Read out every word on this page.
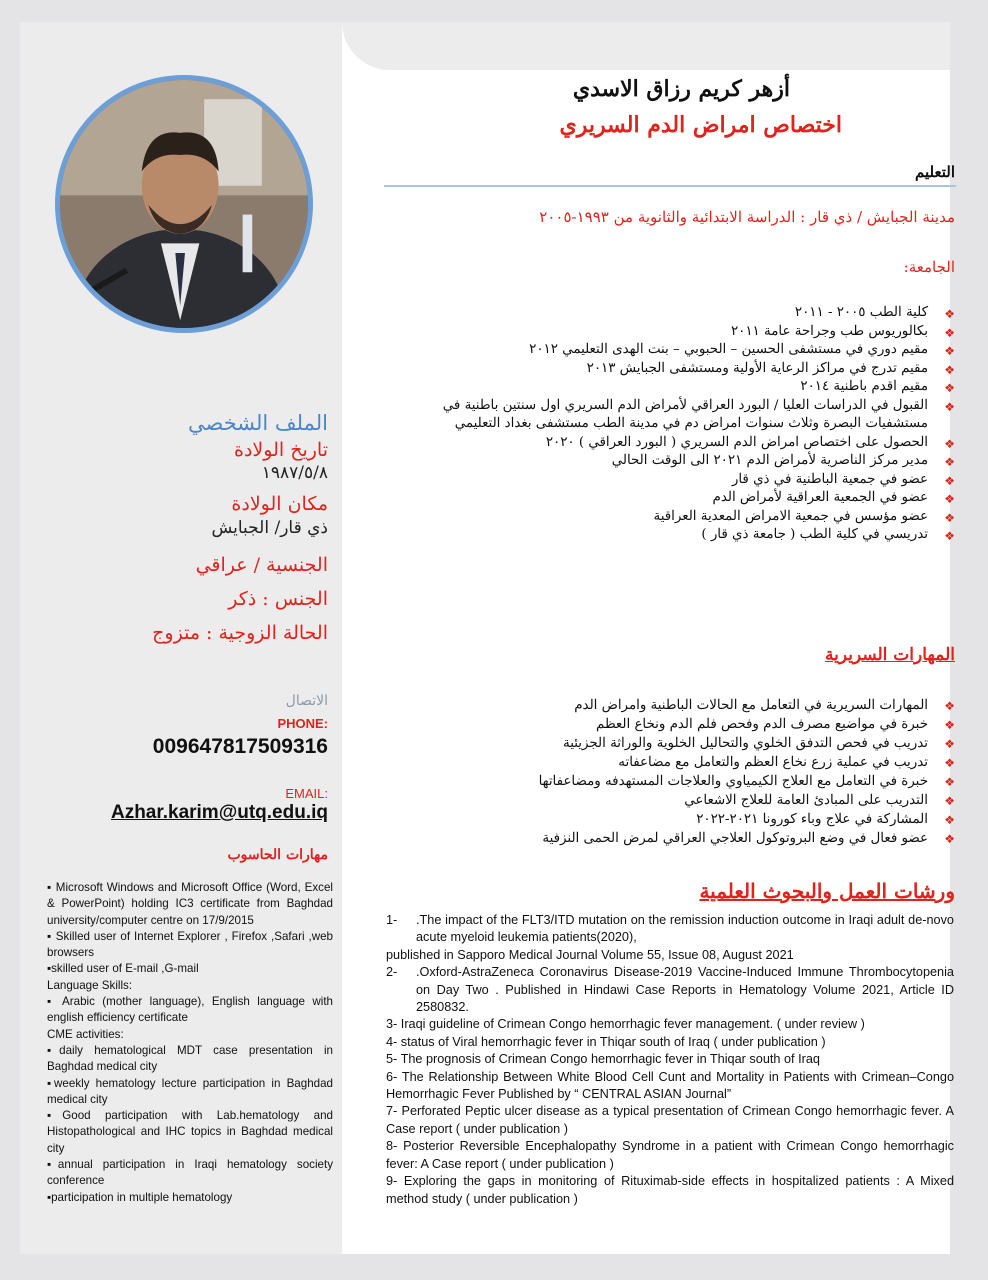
أزهر كريم رزاق الاسدي
اختصاص امراض الدم السريري
التعليم
مدينة الجبايش / ذي قار : الدراسة الابتدائية والثانوية من ١٩٩٣-٢٠٠٥
الجامعة:
❖ كلية الطب ٢٠٠٥ - ٢٠١١
❖ بكالوريوس طب وجراحة عامة ٢٠١١
❖ مقيم دوري في مستشفى الحسين – الحبوبي – بنت الهدى التعليمي ٢٠١٢
❖ مقيم تدرج في مراكز الرعاية الأولية ومستشفى الجبايش ٢٠١٣
❖ مقيم اقدم باطنية ٢٠١٤
❖ القبول في الدراسات العليا / البورد العراقي لأمراض الدم السريري اول سنتين باطنية في مستشفيات البصرة وثلاث سنوات امراض دم في مدينة الطب مستشفى بغداد التعليمي
❖ الحصول على اختصاص امراض الدم السريري ( البورد العراقي ) ٢٠٢٠
❖ مدير مركز الناصرية لأمراض الدم ٢٠٢١ الى الوقت الحالي
❖ عضو في جمعية الباطنية في ذي قار
❖ عضو في الجمعية العراقية لأمراض الدم
❖ عضو مؤسس في جمعية الامراض المعدية العراقية
❖ تدريسي في كلية الطب ( جامعة ذي قار )
المهارات السريرية
❖ المهارات السريرية في التعامل مع الحالات الباطنية وامراض الدم
❖ خبرة في مواضيع مصرف الدم وفحص فلم الدم ونخاع العظم
❖ تدريب في فحص التدفق الخلوي والتحاليل الخلوية والوراثة الجزيئية
❖ تدريب في عملية زرع نخاع العظم والتعامل مع مضاعفاته
❖ خبرة في التعامل مع العلاج الكيمياوي والعلاجات المستهدفه ومضاعفاتها
❖ التدريب على المبادئ العامة للعلاج الاشعاعي
❖ المشاركة في علاج وباء كورونا ٢٠٢١-٢٠٢٢
❖ عضو فعال في وضع البروتوكول العلاجي العراقي لمرض الحمى النزفية
ورشات العمل والبحوث العلمية
1- .The impact of the FLT3/ITD mutation on the remission induction outcome in Iraqi adult de-novo acute myeloid leukemia patients(2020),
published in Sapporo Medical Journal Volume 55, Issue 08, August 2021
2- .Oxford-AstraZeneca Coronavirus Disease-2019 Vaccine-Induced Immune Thrombocytopenia on Day Two . Published in Hindawi Case Reports in Hematology Volume 2021, Article ID 2580832.
3- Iraqi guideline of Crimean Congo hemorrhagic fever management. ( under review )
4- status of Viral hemorrhagic fever in Thiqar south of Iraq ( under publication )
5- The prognosis of Crimean Congo hemorrhagic fever in Thiqar south of Iraq
6- The Relationship Between White Blood Cell Cunt and Mortality in Patients with Crimean–Congo Hemorrhagic Fever Published by “ CENTRAL ASIAN Journal”
7- Perforated Peptic ulcer disease as a typical presentation of Crimean Congo hemorrhagic fever. A Case report ( under publication )
8- Posterior Reversible Encephalopathy Syndrome in a patient with Crimean Congo hemorrhagic fever: A Case report ( under publication )
9- Exploring the gaps in monitoring of Rituximab-side effects in hospitalized patients : A Mixed method study ( under publication )
الملف الشخصي
تاريخ الولادة
١٩٨٧/٥/٨
مكان الولادة
ذي قار/ الجبايش
الجنسية / عراقي
الجنس : ذكر
الحالة الزوجية : متزوج
الاتصال
PHONE:
009647817509316
EMAIL:
Azhar.karim@utq.edu.iq
مهارات الحاسوب
▪ Microsoft Windows and Microsoft Office (Word, Excel & PowerPoint) holding IC3 certificate from Baghdad university/computer centre on 17/9/2015
▪ Skilled user of Internet Explorer , Firefox ,Safari ,web browsers
▪skilled user of E-mail ,G-mail
Language Skills:
▪ Arabic (mother language), English language with english efficiency certificate
CME activities:
▪daily hematological MDT case presentation in Baghdad medical city
▪weekly hematology lecture participation in Baghdad medical city
▪Good participation with Lab.hematology and Histopathological and IHC topics in Baghdad medical city
▪annual participation in Iraqi hematology society conference
▪participation in multiple hematology
